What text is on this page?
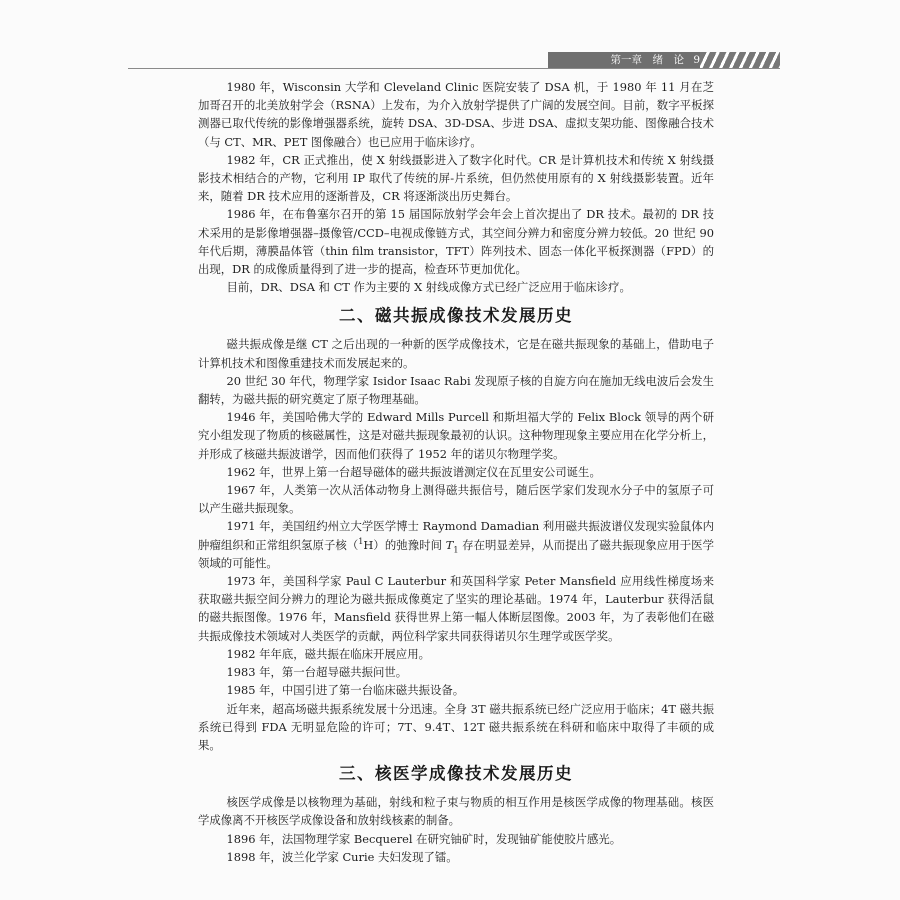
第一章　绪　论 9

1980 年，Wisconsin 大学和 Cleveland Clinic 医院安装了 DSA 机，于 1980 年 11 月在芝加哥召开的北美放射学会（RSNA）上发布，为介入放射学提供了广阔的发展空间。目前，数字平板探测器已取代传统的影像增强器系统，旋转 DSA、3D-DSA、步进 DSA、虚拟支架功能、图像融合技术（与 CT、MR、PET 图像融合）也已应用于临床诊疗。

1982 年，CR 正式推出，使 X 射线摄影进入了数字化时代。CR 是计算机技术和传统 X 射线摄影技术相结合的产物，它利用 IP 取代了传统的屏-片系统，但仍然使用原有的 X 射线摄影装置。近年来，随着 DR 技术应用的逐渐普及，CR 将逐渐淡出历史舞台。

1986 年，在布鲁塞尔召开的第 15 届国际放射学会年会上首次提出了 DR 技术。最初的 DR 技术采用的是影像增强器–摄像管/CCD–电视成像链方式，其空间分辨力和密度分辨力较低。20 世纪 90 年代后期，薄膜晶体管（thin film transistor，TFT）阵列技术、固态一体化平板探测器（FPD）的出现，DR 的成像质量得到了进一步的提高，检查环节更加优化。

目前，DR、DSA 和 CT 作为主要的 X 射线成像方式已经广泛应用于临床诊疗。

二、磁共振成像技术发展历史

磁共振成像是继 CT 之后出现的一种新的医学成像技术，它是在磁共振现象的基础上，借助电子计算机技术和图像重建技术而发展起来的。

20 世纪 30 年代，物理学家 Isidor Isaac Rabi 发现原子核的自旋方向在施加无线电波后会发生翻转，为磁共振的研究奠定了原子物理基础。

1946 年，美国哈佛大学的 Edward Mills Purcell 和斯坦福大学的 Felix Block 领导的两个研究小组发现了物质的核磁属性，这是对磁共振现象最初的认识。这种物理现象主要应用在化学分析上，并形成了核磁共振波谱学，因而他们获得了 1952 年的诺贝尔物理学奖。

1962 年，世界上第一台超导磁体的磁共振波谱测定仪在瓦里安公司诞生。

1967 年，人类第一次从活体动物身上测得磁共振信号，随后医学家们发现水分子中的氢原子可以产生磁共振现象。

1971 年，美国纽约州立大学医学博士 Raymond Damadian 利用磁共振波谱仪发现实验鼠体内肿瘤组织和正常组织氢原子核（$^1$H）的弛豫时间 $T_1$ 存在明显差异，从而提出了磁共振现象应用于医学领域的可能性。

1973 年，美国科学家 Paul C Lauterbur 和英国科学家 Peter Mansfield 应用线性梯度场来获取磁共振空间分辨力的理论为磁共振成像奠定了坚实的理论基础。1974 年，Lauterbur 获得活鼠的磁共振图像。1976 年，Mansfield 获得世界上第一幅人体断层图像。2003 年，为了表彰他们在磁共振成像技术领域对人类医学的贡献，两位科学家共同获得诺贝尔生理学或医学奖。

1982 年年底，磁共振在临床开展应用。

1983 年，第一台超导磁共振问世。

1985 年，中国引进了第一台临床磁共振设备。

近年来，超高场磁共振系统发展十分迅速。全身 3T 磁共振系统已经广泛应用于临床；4T 磁共振系统已得到 FDA 无明显危险的许可；7T、9.4T、12T 磁共振系统在科研和临床中取得了丰硕的成果。

三、核医学成像技术发展历史

核医学成像是以核物理为基础，射线和粒子束与物质的相互作用是核医学成像的物理基础。核医学成像离不开核医学成像设备和放射线核素的制备。

1896 年，法国物理学家 Becquerel 在研究铀矿时，发现铀矿能使胶片感光。

1898 年，波兰化学家 Curie 夫妇发现了镭。
